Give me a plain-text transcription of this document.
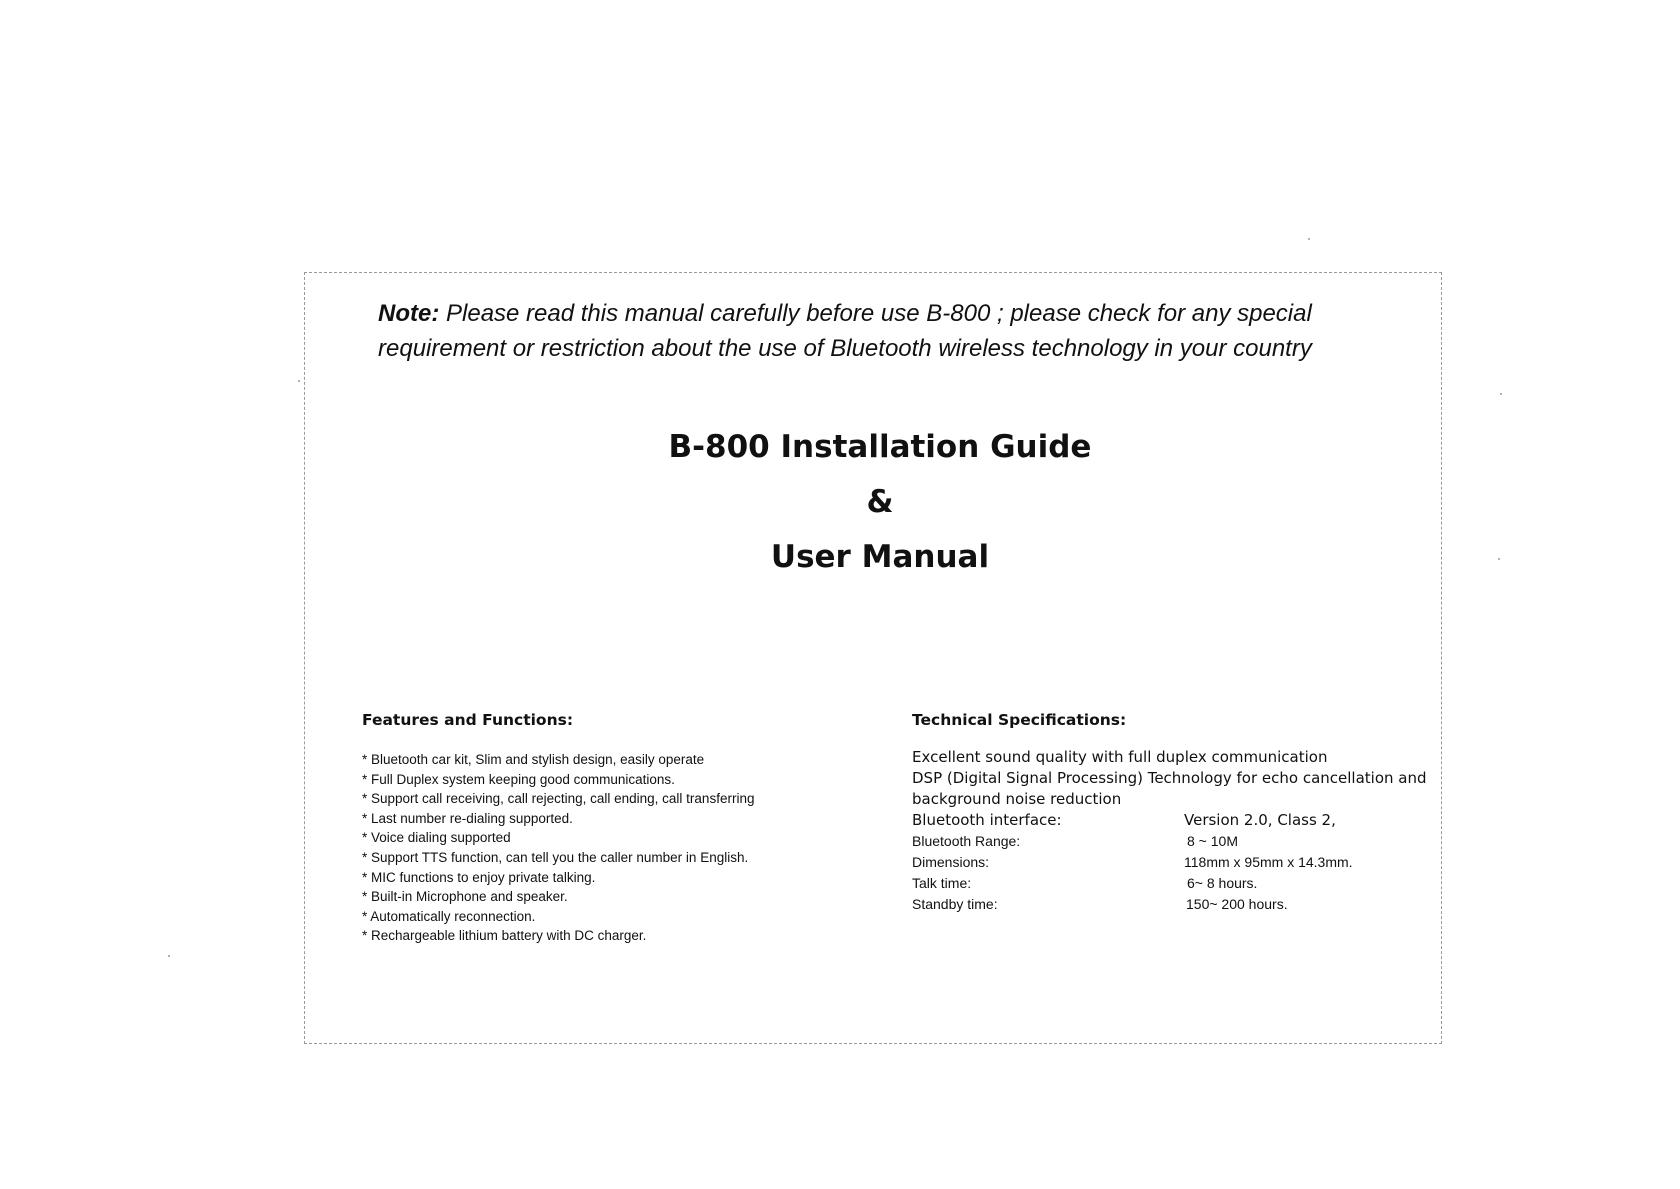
Note: Please read this manual carefully before use B-800 ; please check for any special
requirement or restriction about the use of Bluetooth wireless technology in your country
B-800 Installation Guide
&
User Manual
Features and Functions:
* Bluetooth car kit, Slim and stylish design, easily operate
* Full Duplex system keeping good communications.
* Support call receiving, call rejecting, call ending, call transferring
* Last number re-dialing supported.
* Voice dialing supported
* Support TTS function, can tell you the caller number in English.
* MIC functions to enjoy private talking.
* Built-in Microphone and speaker.
* Automatically reconnection.
* Rechargeable lithium battery with DC charger.
Technical Specifications:
Excellent sound quality with full duplex communication
DSP (Digital Signal Processing) Technology for echo cancellation and
background noise reduction
Bluetooth interface:	Version 2.0, Class 2,
Bluetooth Range:	8 ~ 10M
Dimensions:	118mm x 95mm x 14.3mm.
Talk time:	6~ 8 hours.
Standby time:	150~ 200 hours.
